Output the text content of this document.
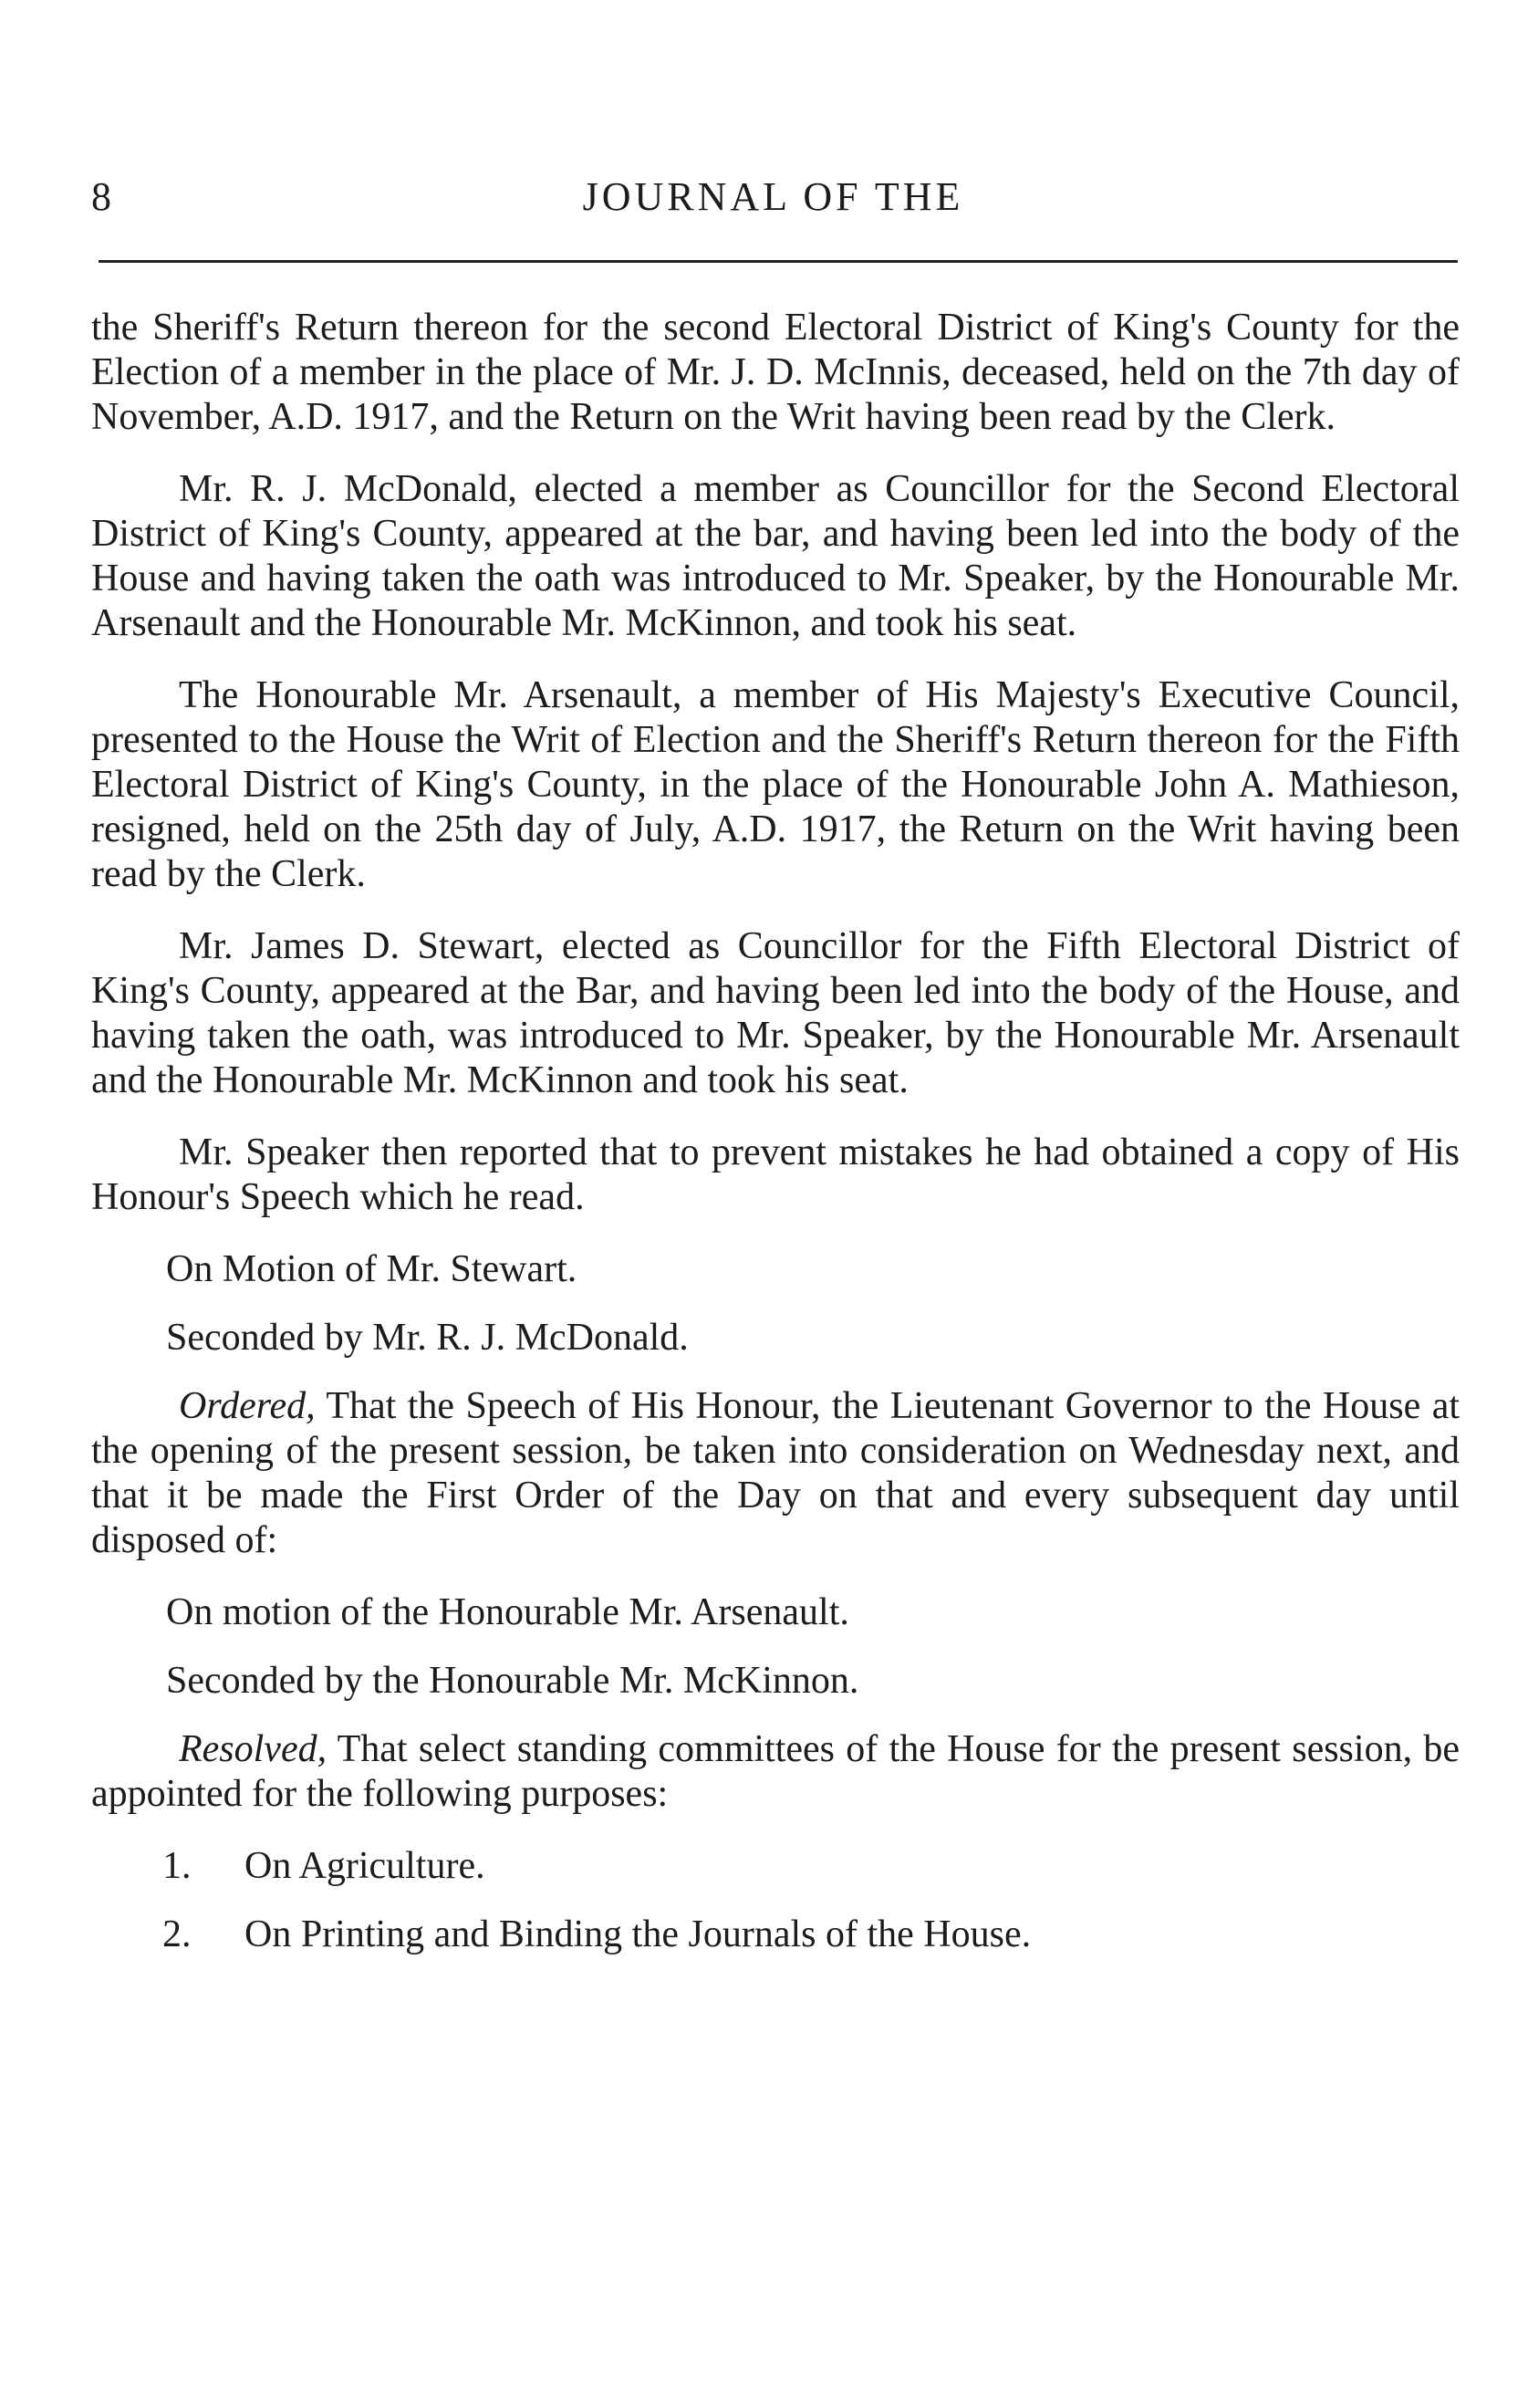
8	JOURNAL OF THE

the Sheriff's Return thereon for the second Electoral District of King's County for the Election of a member in the place of Mr. J. D. McInnis, deceased, held on the 7th day of November, A.D. 1917, and the Return on the Writ having been read by the Clerk.

Mr. R. J. McDonald, elected a member as Councillor for the Second Electoral District of King's County, appeared at the bar, and having been led into the body of the House and having taken the oath was introduced to Mr. Speaker, by the Honourable Mr. Arsenault and the Honourable Mr. McKinnon, and took his seat.

The Honourable Mr. Arsenault, a member of His Majesty's Executive Council, presented to the House the Writ of Election and the Sheriff's Return thereon for the Fifth Electoral District of King's County, in the place of the Honourable John A. Mathieson, resigned, held on the 25th day of July, A.D. 1917, the Return on the Writ having been read by the Clerk.

Mr. James D. Stewart, elected as Councillor for the Fifth Electoral District of King's County, appeared at the Bar, and having been led into the body of the House, and having taken the oath, was introduced to Mr. Speaker, by the Honourable Mr. Arsenault and the Honourable Mr. McKinnon and took his seat.

Mr. Speaker then reported that to prevent mistakes he had obtained a copy of His Honour's Speech which he read.

On Motion of Mr. Stewart.

Seconded by Mr. R. J. McDonald.

Ordered, That the Speech of His Honour, the Lieutenant Governor to the House at the opening of the present session, be taken into consideration on Wednesday next, and that it be made the First Order of the Day on that and every subsequent day until disposed of:

On motion of the Honourable Mr. Arsenault.

Seconded by the Honourable Mr. McKinnon.

Resolved, That select standing committees of the House for the present session, be appointed for the following purposes:

1.	On Agriculture.
2.	On Printing and Binding the Journals of the House.
